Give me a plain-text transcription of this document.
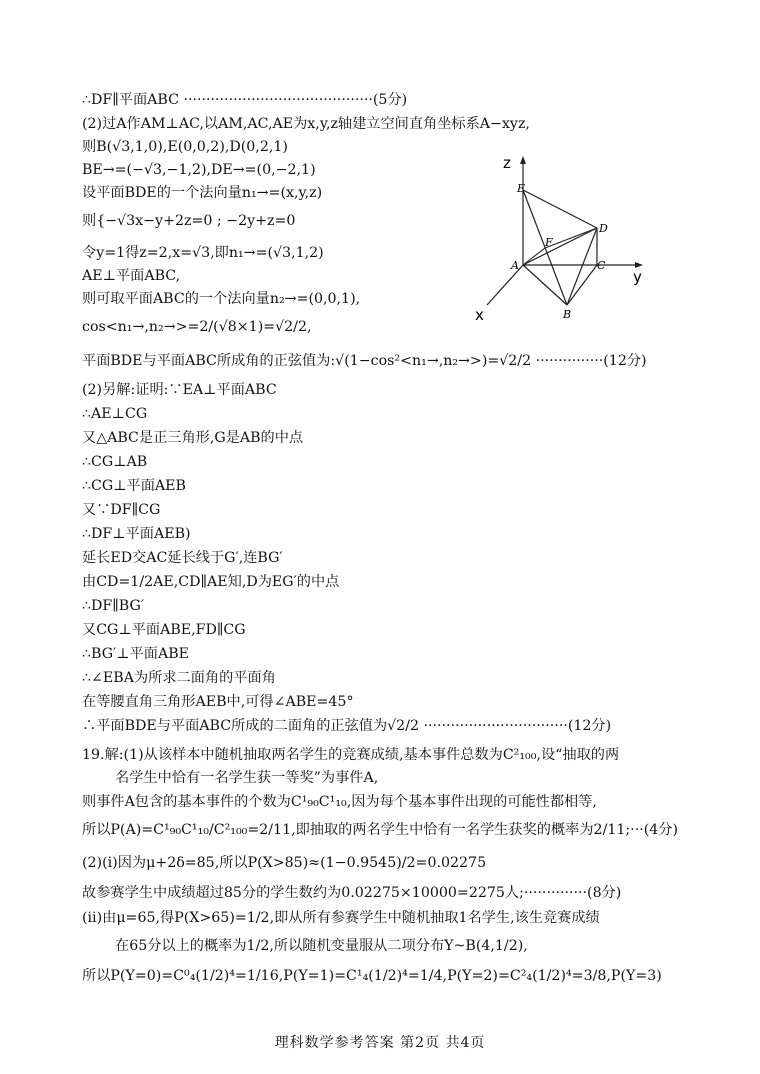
∴DF∥平面ABC ··········································(5分)
(2)过A作AM⊥AC,以AM,AC,AE为x,y,z轴建立空间直角坐标系A−xyz,
则B(√3,1,0),E(0,0,2),D(0,2,1)
BE→=(−√3,−1,2),DE→=(0,−2,1)
设平面BDE的一个法向量n₁→=(x,y,z)
则{−√3x−y+2z=0 ; −2y+z=0
令y=1得z=2,x=√3,即n₁→=(√3,1,2)
AE⊥平面ABC,
则可取平面ABC的一个法向量n₂→=(0,0,1),
cos<n₁→,n₂→>=2/(√8×1)=√2/2,
平面BDE与平面ABC所成角的正弦值为:√(1−cos²<n₁→,n₂→>)=√2/2 ···············(12分)
(2)另解:证明:∵EA⊥平面ABC
∴AE⊥CG
又△ABC是正三角形,G是AB的中点
∴CG⊥AB
∴CG⊥平面AEB
又∵DF∥CG
∴DF⊥平面AEB)
延长ED交AC延长线于G′,连BG′
由CD=1/2AE,CD∥AE知,D为EG′的中点
∴DF∥BG′
又CG⊥平面ABE,FD∥CG
∴BG′⊥平面ABE
∴∠EBA为所求二面角的平面角
在等腰直角三角形AEB中,可得∠ABE=45°
∴平面BDE与平面ABC所成的二面角的正弦值为√2/2 ································(12分)
19.解:(1)从该样本中随机抽取两名学生的竞赛成绩,基本事件总数为C²₁₀₀,设“抽取的两
名学生中恰有一名学生获一等奖”为事件A,
则事件A包含的基本事件的个数为C¹₉₀C¹₁₀,因为每个基本事件出现的可能性都相等,
所以P(A)=C¹₉₀C¹₁₀/C²₁₀₀=2/11,即抽取的两名学生中恰有一名学生获奖的概率为2/11;···(4分)
(2)(ⅰ)因为μ+2δ=85,所以P(X>85)≈(1−0.9545)/2=0.02275
故参赛学生中成绩超过85分的学生数约为0.02275×10000=2275人;··············(8分)
(ⅱ)由μ=65,得P(X>65)=1/2,即从所有参赛学生中随机抽取1名学生,该生竞赛成绩
在65分以上的概率为1/2,所以随机变量服从二项分布Y~B(4,1/2),
所以P(Y=0)=C⁰₄(1/2)⁴=1/16,P(Y=1)=C¹₄(1/2)⁴=1/4,P(Y=2)=C²₄(1/2)⁴=3/8,P(Y=3)
z
y
x
E
D
F
A	C
B
理科数学参考答案 第2页 共4页
